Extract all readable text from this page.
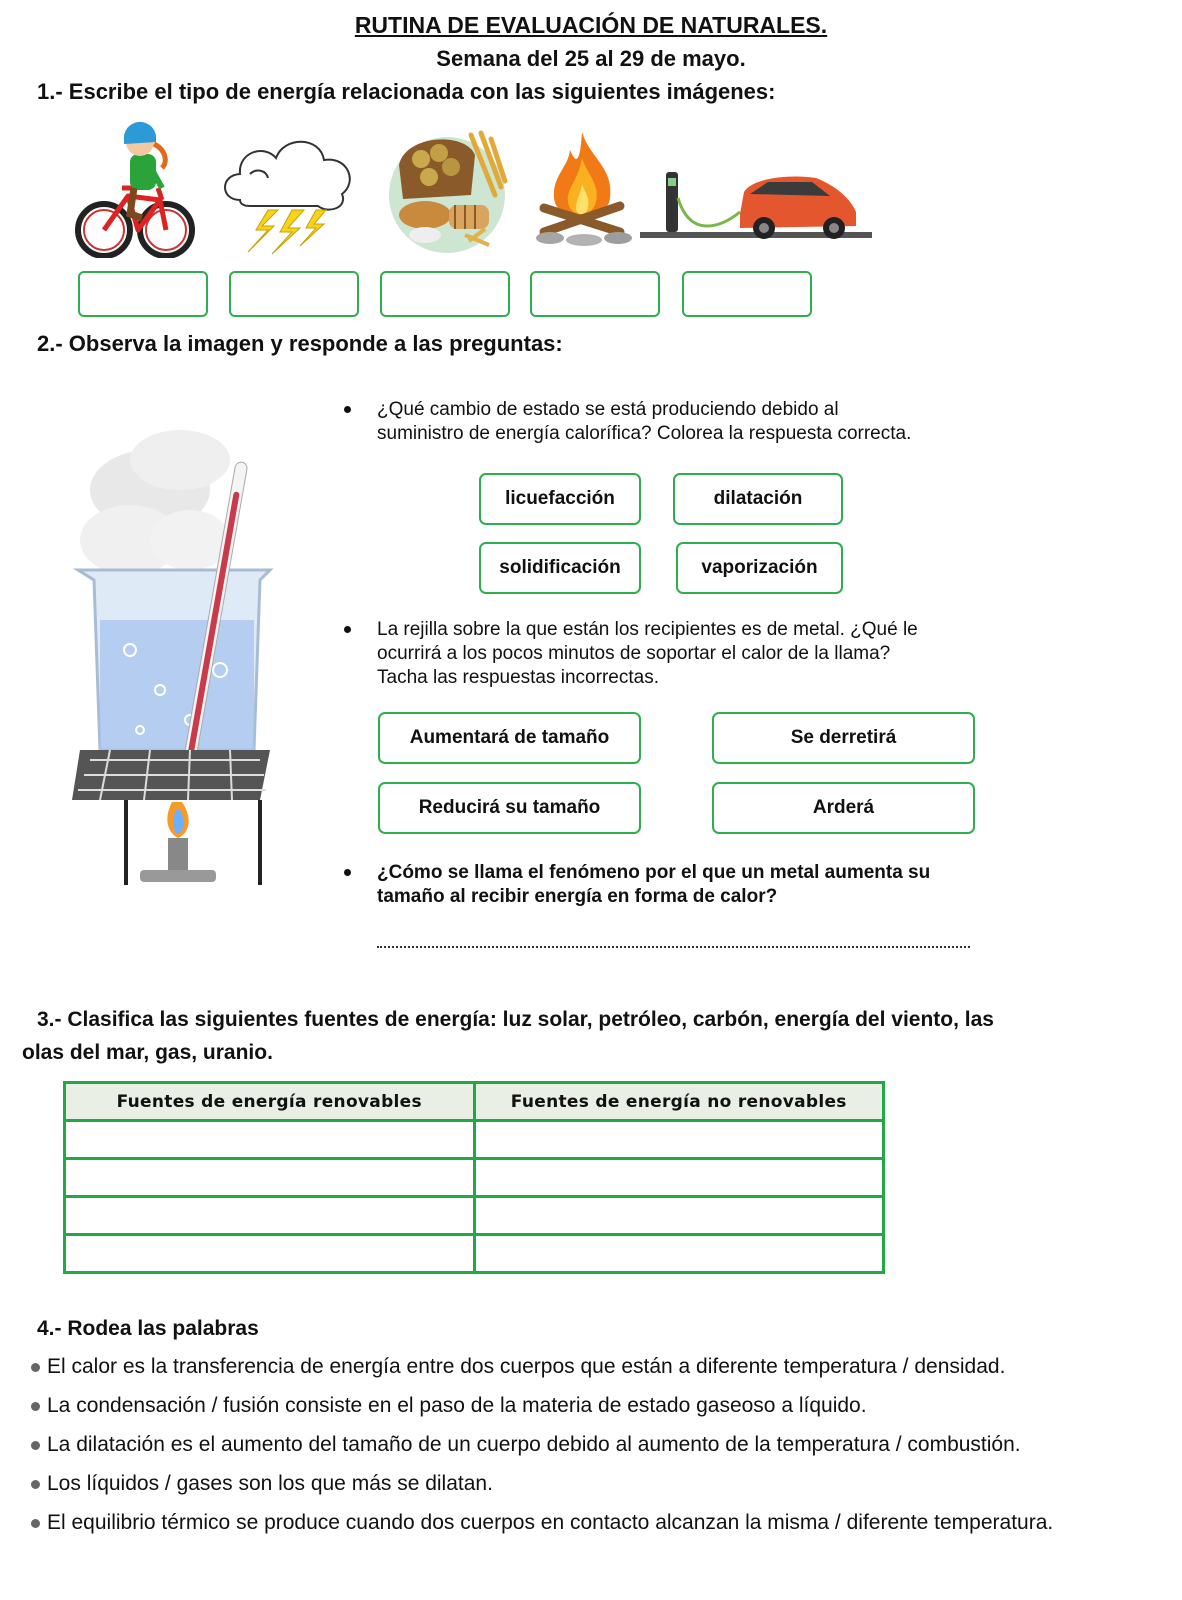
RUTINA DE EVALUACIÓN DE NATURALES.
Semana del 25 al 29 de mayo.
1.- Escribe el tipo de energía relacionada con las siguientes imágenes:
2.- Observa la imagen y responde a las preguntas:
¿Qué cambio de estado se está produciendo debido al
suministro de energía calorífica? Colorea la respuesta correcta.
licuefacción	dilatación
solidificación	vaporización
La rejilla sobre la que están los recipientes es de metal. ¿Qué le
ocurrirá a los pocos minutos de soportar el calor de la llama?
Tacha las respuestas incorrectas.
Aumentará de tamaño	Se derretirá
Reducirá su tamaño	Arderá
¿Cómo se llama el fenómeno por el que un metal aumenta su
tamaño al recibir energía en forma de calor?
3.- Clasifica las siguientes fuentes de energía: luz solar, petróleo, carbón, energía del viento, las
olas del mar, gas, uranio.
Fuentes de energía renovables	Fuentes de energía no renovables

4.- Rodea las palabras
El calor es la transferencia de energía entre dos cuerpos que están a diferente temperatura / densidad.
La condensación / fusión consiste en el paso de la materia de estado gaseoso a líquido.
La dilatación es el aumento del tamaño de un cuerpo debido al aumento de la temperatura / combustión.
Los líquidos / gases son los que más se dilatan.
El equilibrio térmico se produce cuando dos cuerpos en contacto alcanzan la misma / diferente temperatura.
